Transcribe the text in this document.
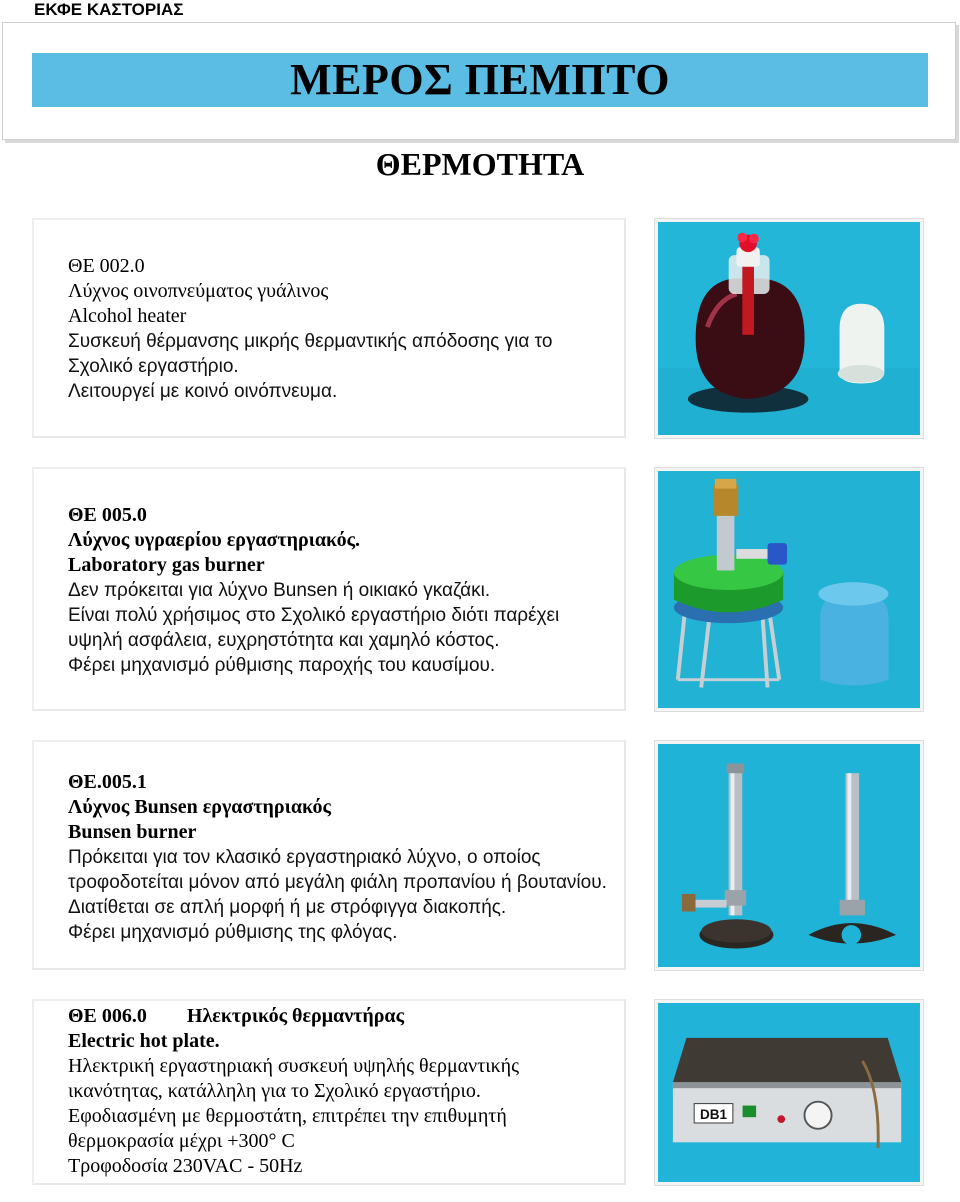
ΕΚΦΕ ΚΑΣΤΟΡΙΑΣ
ΜΕΡΟΣ ΠΕΜΠΤΟ
ΘΕΡΜΟΤΗΤΑ
ΘΕ 002.0
Λύχνος οινοπνεύματος γυάλινος
Alcohol heater
Συσκευή θέρμανσης μικρής θερμαντικής απόδοσης για το
Σχολικό εργαστήριο.
Λειτουργεί με κοινό οινόπνευμα.
ΘΕ 005.0
Λύχνος υγραερίου εργαστηριακός.
Laboratory gas burner
Δεν πρόκειται για λύχνο Bunsen ή οικιακό γκαζάκι.
Είναι πολύ χρήσιμος στο Σχολικό εργαστήριο διότι παρέχει
υψηλή ασφάλεια, ευχρηστότητα και χαμηλό κόστος.
Φέρει μηχανισμό ρύθμισης παροχής του καυσίμου.
ΘΕ.005.1
Λύχνος Bunsen εργαστηριακός
Bunsen burner
Πρόκειται για τον κλασικό εργαστηριακό λύχνο, ο οποίος
τροφοδοτείται μόνον από μεγάλη φιάλη προπανίου ή βουτανίου.
Διατίθεται σε απλή μορφή ή με στρόφιγγα διακοπής.
Φέρει μηχανισμό ρύθμισης της φλόγας.
ΘΕ 006.0 Ηλεκτρικός θερμαντήρας
Electric hot plate.
Ηλεκτρική εργαστηριακή συσκευή υψηλής θερμαντικής
ικανότητας, κατάλληλη για το Σχολικό εργαστήριο.
Εφοδιασμένη με θερμοστάτη, επιτρέπει την επιθυμητή
θερμοκρασία μέχρι +300° C
Τροφοδοσία 230VAC - 50Hz
DB1
